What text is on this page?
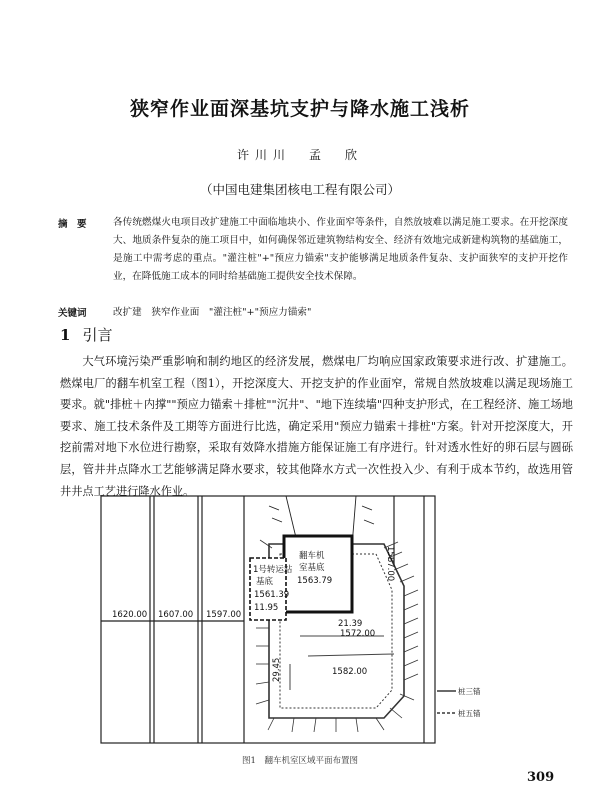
狭窄作业面深基坑支护与降水施工浅析
许川川　孟　欣
（中国电建集团核电工程有限公司）
摘　要	各传统燃煤火电项目改扩建施工中面临地块小、作业面窄等条件，自然放坡难以满足施工要求。在开挖深度大、地质条件复杂的施工项目中，如何确保邻近建筑物结构安全、经济有效地完成新建构筑物的基础施工，是施工中需考虑的重点。"灌注桩"+"预应力锚索"支护能够满足地质条件复杂、支护面狭窄的支护开挖作业，在降低施工成本的同时给基础施工提供安全技术保障。
关键词	改扩建　狭窄作业面　"灌注桩"+"预应力锚索"
1 引言
大气环境污染严重影响和制约地区的经济发展，燃煤电厂均响应国家政策要求进行改、扩建施工。燃煤电厂的翻车机室工程（图1），开挖深度大、开挖支护的作业面窄，常规自然放坡难以满足现场施工要求。就"排桩＋内撑""预应力锚索＋排桩""沉井"、"地下连续墙"四种支护形式，在工程经济、施工场地要求、施工技术条件及工期等方面进行比选，确定采用"预应力锚索＋排桩"方案。针对开挖深度大，开挖前需对地下水位进行勘察，采取有效降水措施方能保证施工有序进行。针对透水性好的卵石层与圆砾层，管井井点降水工艺能够满足降水要求，较其他降水方式一次性投入少、有利于成本节约，故选用管井井点工艺进行降水作业。
1号转运站
基底
1561.39
翻车机
室基底
1563.79
1620.00 1607.00 1597.00
1572.00
1582.00
11.95
21.39
29.45
1587.00
桩三锚
桩五锚
图1　翻车机室区域平面布置图
309
